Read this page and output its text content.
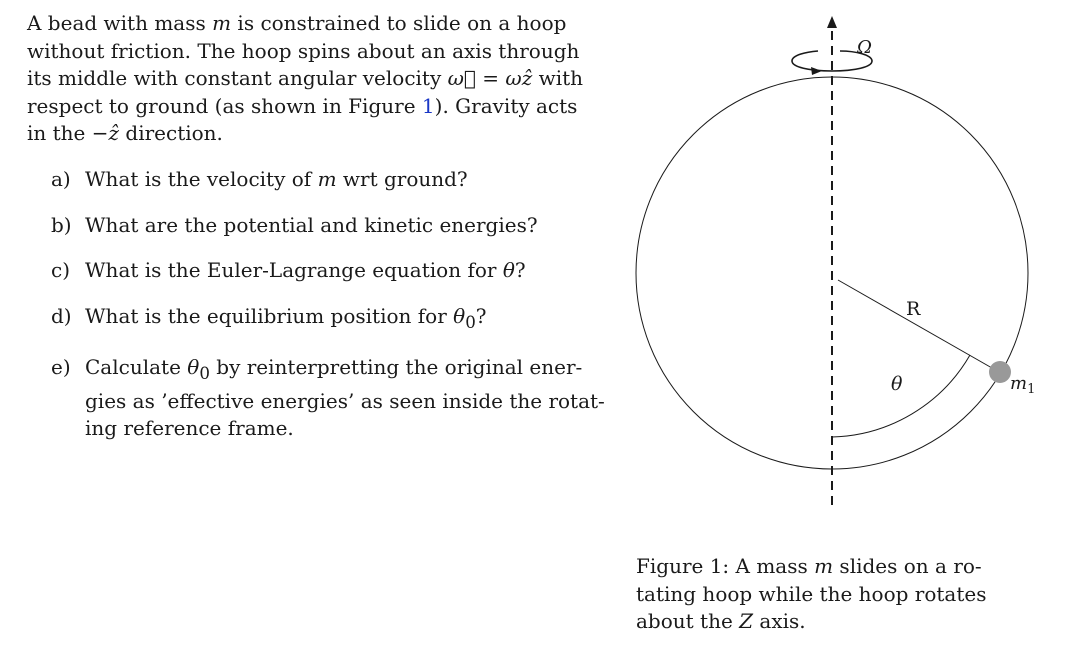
A bead with mass m is constrained to slide on a hoop
without friction. The hoop spins about an axis through
its middle with constant angular velocity ω⃗ = ωẑ with
respect to ground (as shown in Figure 1). Gravity acts
in the −ẑ direction.
a) What is the velocity of m wrt ground?
b) What are the potential and kinetic energies?
c) What is the Euler-Lagrange equation for θ?
d) What is the equilibrium position for $\theta_0$?
e) Calculate $\theta_0$ by reinterpretting the original ener-
gies as ’effective energies’ as seen inside the rotat-
ing reference frame.
Ω
R
θ	$m_1$
Figure 1: A mass m slides on a ro-
tating hoop while the hoop rotates
about the Z axis.
